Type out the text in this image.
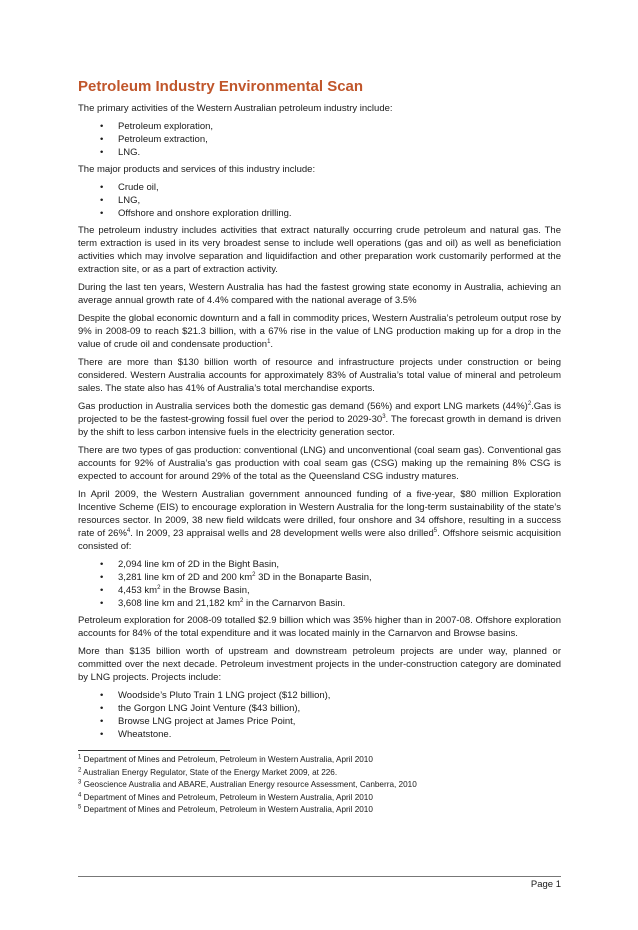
Petroleum Industry Environmental Scan

The primary activities of the Western Australian petroleum industry include:

• Petroleum exploration,
• Petroleum extraction,
• LNG.

The major products and services of this industry include:

• Crude oil,
• LNG,
• Offshore and onshore exploration drilling.

The petroleum industry includes activities that extract naturally occurring crude petroleum and natural gas. The term extraction is used in its very broadest sense to include well operations (gas and oil) as well as beneficiation activities which may involve separation and liquidifaction and other preparation work customarily performed at the extraction site, or as a part of extraction activity.

During the last ten years, Western Australia has had the fastest growing state economy in Australia, achieving an average annual growth rate of 4.4% compared with the national average of 3.5%

Despite the global economic downturn and a fall in commodity prices, Western Australia’s petroleum output rose by 9% in 2008-09 to reach $21.3 billion, with a 67% rise in the value of LNG production making up for a drop in the value of crude oil and condensate production$^1$.

There are more than $130 billion worth of resource and infrastructure projects under construction or being considered. Western Australia accounts for approximately 83% of Australia’s total value of mineral and petroleum sales. The state also has 41% of Australia’s total merchandise exports.

Gas production in Australia services both the domestic gas demand (56%) and export LNG markets $(44\%)^2.Gas$ is projected to be the fastest-growing fossil fuel over the period to $2029-30^3$. The forecast growth in demand is driven by the shift to less carbon intensive fuels in the electricity generation sector.

There are two types of gas production: conventional (LNG) and unconventional (coal seam gas). Conventional gas accounts for 92% of Australia’s gas production with coal seam gas (CSG) making up the remaining 8% CSG is expected to account for around 29% of the total as the Queensland CSG industry matures.

In April 2009, the Western Australian government announced funding of a five-year, $80 million Exploration Incentive Scheme (EIS) to encourage exploration in Western Australia for the long-term sustainability of the state’s resources sector. In 2009, 38 new field wildcats were drilled, four onshore and 34 offshore, resulting in a success rate of 26%$^4$. In 2009, 23 appraisal wells and 28 development wells were also drilled$^5$. Offshore seismic acquisition consisted of:

• 2,094 line km of 2D in the Bight Basin,
• 3,281 line km of 2D and 200 $km^2$ 3D in the Bonaparte Basin,
• 4,453 $km^2$ in the Browse Basin,
• 3,608 line km and 21,182 $km^2$ in the Carnarvon Basin.

Petroleum exploration for 2008-09 totalled $2.9 billion which was 35% higher than in 2007-08. Offshore exploration accounts for 84% of the total expenditure and it was located mainly in the Carnarvon and Browse basins.

More than $135 billion worth of upstream and downstream petroleum projects are under way, planned or committed over the next decade. Petroleum investment projects in the under-construction category are dominated by LNG projects. Projects include:

• Woodside’s Pluto Train 1 LNG project ($12 billion),
• the Gorgon LNG Joint Venture ($43 billion),
• Browse LNG project at James Price Point,
• Wheatstone.
$^1$ Department of Mines and Petroleum, Petroleum in Western Australia, April 2010
$^2$ Australian Energy Regulator, State of the Energy Market 2009, at 226.
$^3$ Geoscience Australia and ABARE, Australian Energy resource Assessment, Canberra, 2010
$^4$ Department of Mines and Petroleum, Petroleum in Western Australia, April 2010
$^5$ Department of Mines and Petroleum, Petroleum in Western Australia, April 2010
Page 1
